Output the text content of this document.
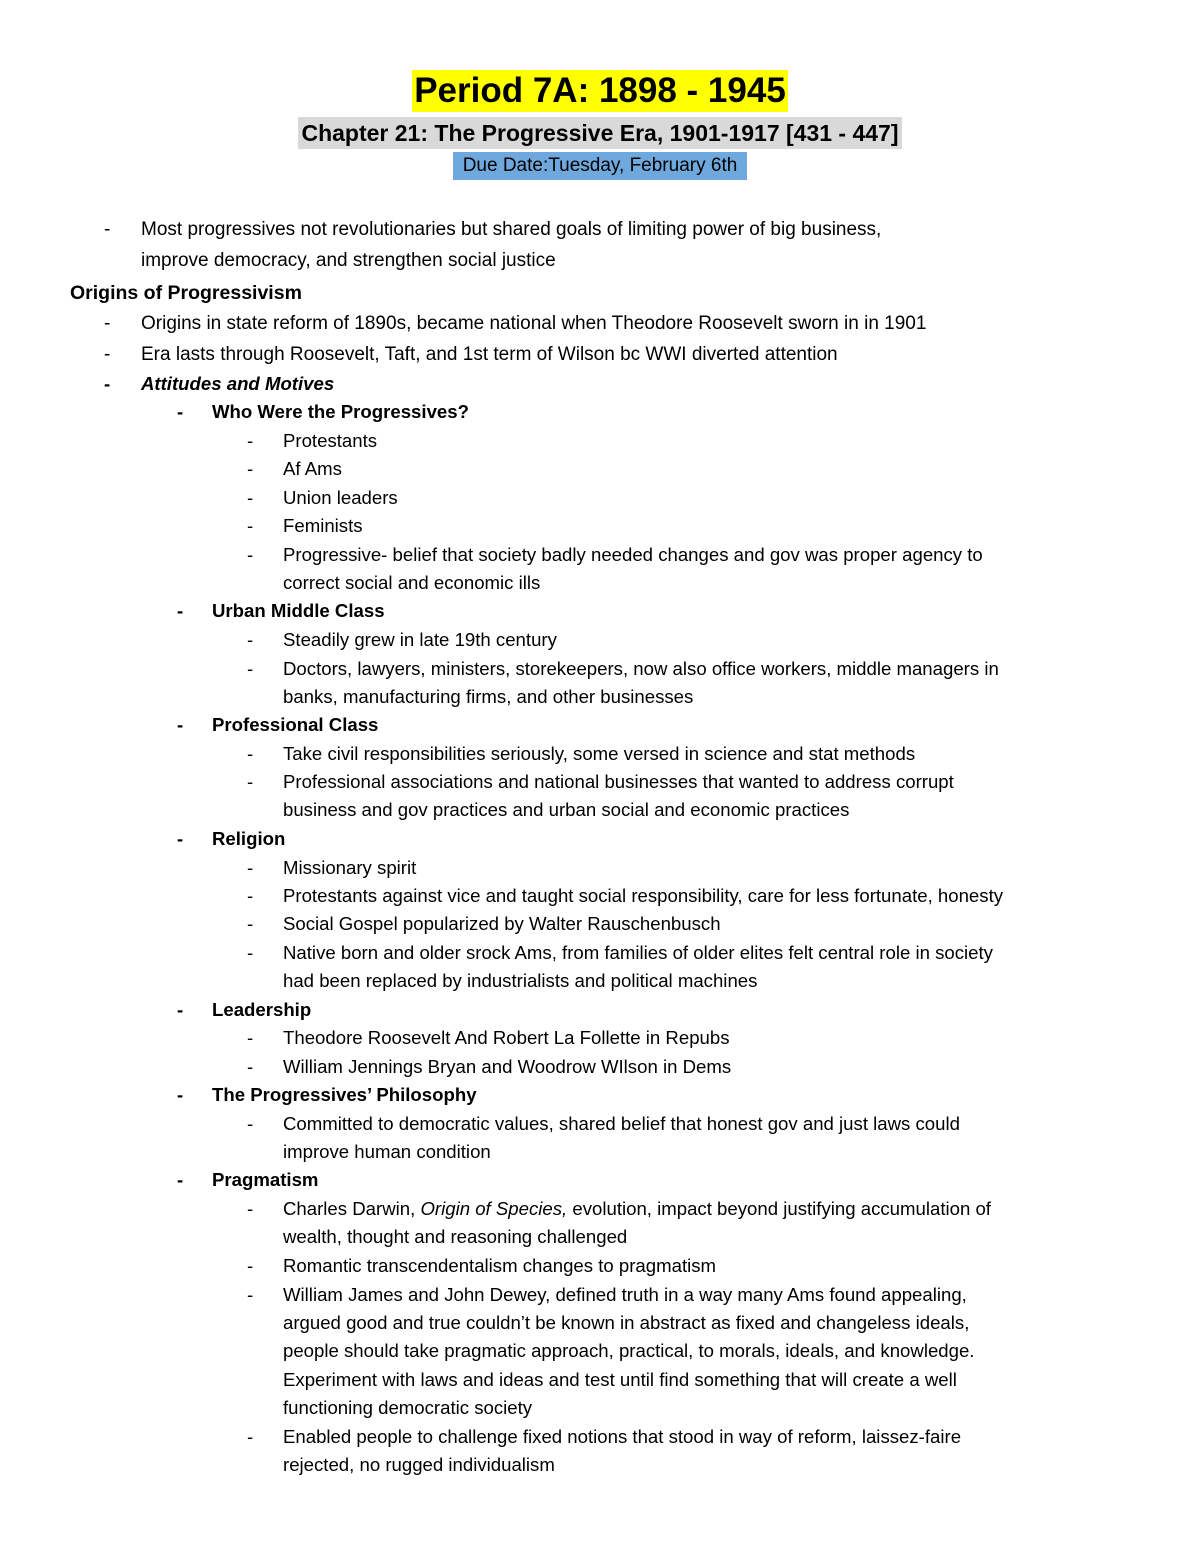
Period 7A: 1898 - 1945
Chapter 21: The Progressive Era, 1901-1917 [431 - 447]
Due Date:Tuesday, February 6th
- Most progressives not revolutionaries but shared goals of limiting power of big business,
improve democracy, and strengthen social justice
Origins of Progressivism
- Origins in state reform of 1890s, became national when Theodore Roosevelt sworn in in 1901
- Era lasts through Roosevelt, Taft, and 1st term of Wilson bc WWI diverted attention
- Attitudes and Motives
- Who Were the Progressives?
- Protestants
- Af Ams
- Union leaders
- Feminists
- Progressive- belief that society badly needed changes and gov was proper agency to
correct social and economic ills
- Urban Middle Class
- Steadily grew in late 19th century
- Doctors, lawyers, ministers, storekeepers, now also office workers, middle managers in
banks, manufacturing firms, and other businesses
- Professional Class
- Take civil responsibilities seriously, some versed in science and stat methods
- Professional associations and national businesses that wanted to address corrupt
business and gov practices and urban social and economic practices
- Religion
- Missionary spirit
- Protestants against vice and taught social responsibility, care for less fortunate, honesty
- Social Gospel popularized by Walter Rauschenbusch
- Native born and older srock Ams, from families of older elites felt central role in society
had been replaced by industrialists and political machines
- Leadership
- Theodore Roosevelt And Robert La Follette in Repubs
- William Jennings Bryan and Woodrow WIlson in Dems
- The Progressives’ Philosophy
- Committed to democratic values, shared belief that honest gov and just laws could
improve human condition
- Pragmatism
- Charles Darwin, Origin of Species, evolution, impact beyond justifying accumulation of
wealth, thought and reasoning challenged
- Romantic transcendentalism changes to pragmatism
- William James and John Dewey, defined truth in a way many Ams found appealing,
argued good and true couldn’t be known in abstract as fixed and changeless ideals,
people should take pragmatic approach, practical, to morals, ideals, and knowledge.
Experiment with laws and ideas and test until find something that will create a well
functioning democratic society
- Enabled people to challenge fixed notions that stood in way of reform, laissez-faire
rejected, no rugged individualism
